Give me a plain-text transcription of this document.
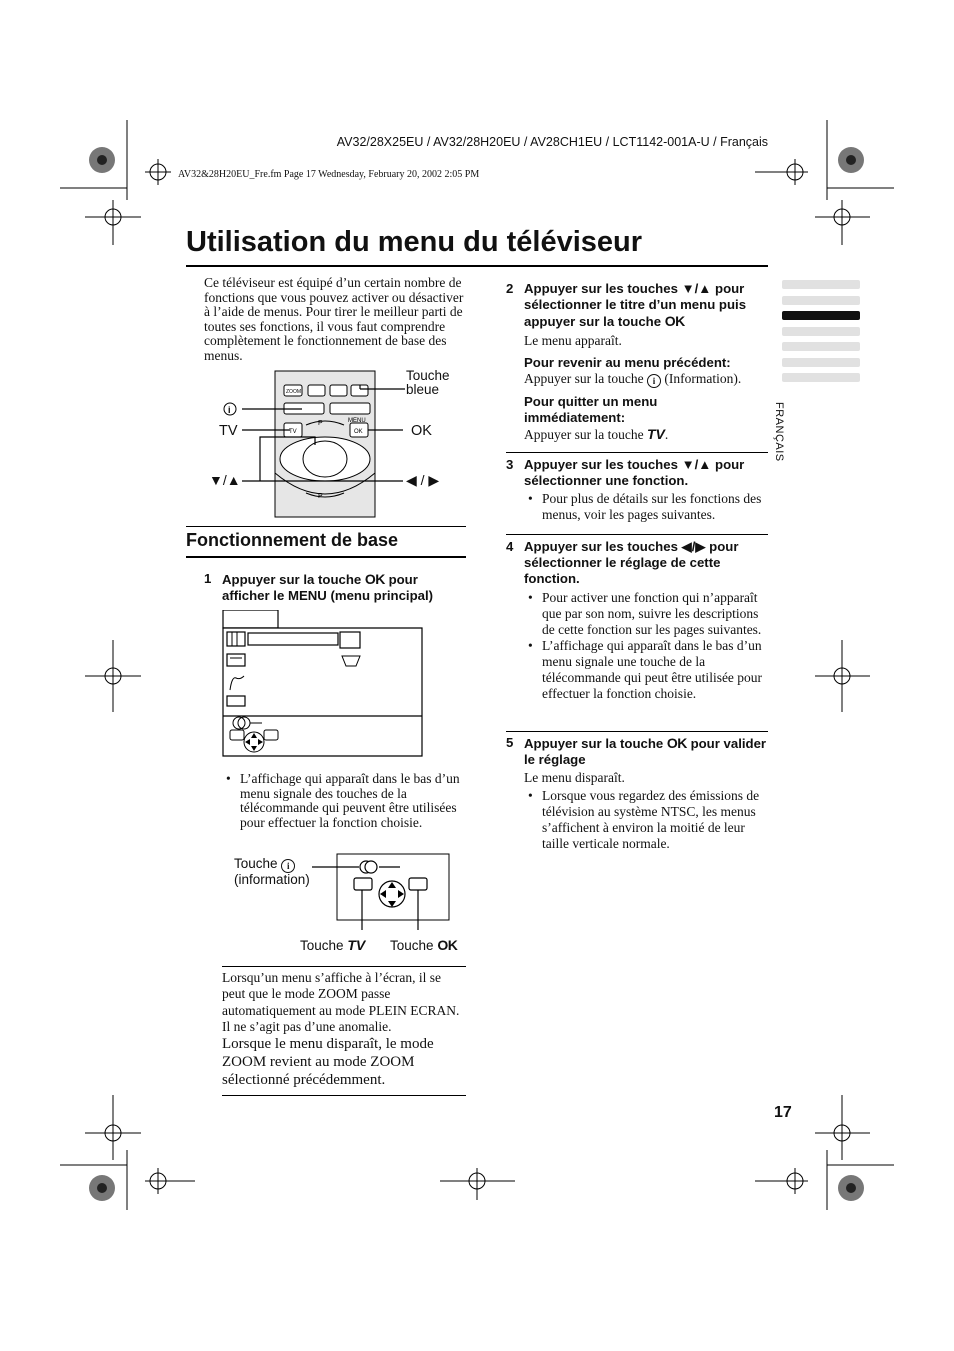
AV32/28X25EU / AV32/28H20EU / AV28CH1EU / LCT1142-001A-U / Français
AV32&28H20EU_Fre.fm Page 17 Wednesday, February 20, 2002 2:05 PM
Utilisation du menu du téléviseur
FRANÇAIS
Ce téléviseur est équipé d’un certain nombre de fonctions que vous pouvez activer ou désactiver à l’aide de menus. Pour tirer le meilleur parti de toutes ses fonctions, il vous faut comprendre complètement le fonctionnement de base des menus.
ZOOM
TV	OK
MENU
P
P
i
Touche
bleue
TV	OK
▼/▲	◀ / ▶
Fonctionnement de base
1 Appuyer sur la touche OK pour afficher le MENU (menu principal)
• L’affichage qui apparaît dans le bas d’un menu signale des touches de la télécommande qui peuvent être utilisées pour effectuer la fonction choisie.
Touche i
(information)
Touche TV Touche OK
Lorsqu’un menu s’affiche à l’écran, il se peut que le mode ZOOM passe automatiquement au mode PLEIN ECRAN. Il ne s’agit pas d’une anomalie.
Lorsque le menu disparaît, le mode ZOOM revient au mode ZOOM sélectionné précédemment.
2 Appuyer sur les touches ▼/▲ pour sélectionner le titre d’un menu puis appuyer sur la touche OK
Le menu apparaît.
Pour revenir au menu précédent:
Appuyer sur la touche i (Information).
Pour quitter un menu immédiatement:
Appuyer sur la touche TV.
3 Appuyer sur les touches ▼/▲ pour sélectionner une fonction.
• Pour plus de détails sur les fonctions des menus, voir les pages suivantes.
4 Appuyer sur les touches ◀/▶ pour sélectionner le réglage de cette fonction.
• Pour activer une fonction qui n’apparaît que par son nom, suivre les descriptions de cette fonction sur les pages suivantes.
• L’affichage qui apparaît dans le bas d’un menu signale une touche de la télécommande qui peut être utilisée pour effectuer la fonction choisie.
5 Appuyer sur la touche OK pour valider le réglage
Le menu disparaît.
• Lorsque vous regardez des émissions de télévision au système NTSC, les menus s’affichent à environ la moitié de leur taille verticale normale.
17
